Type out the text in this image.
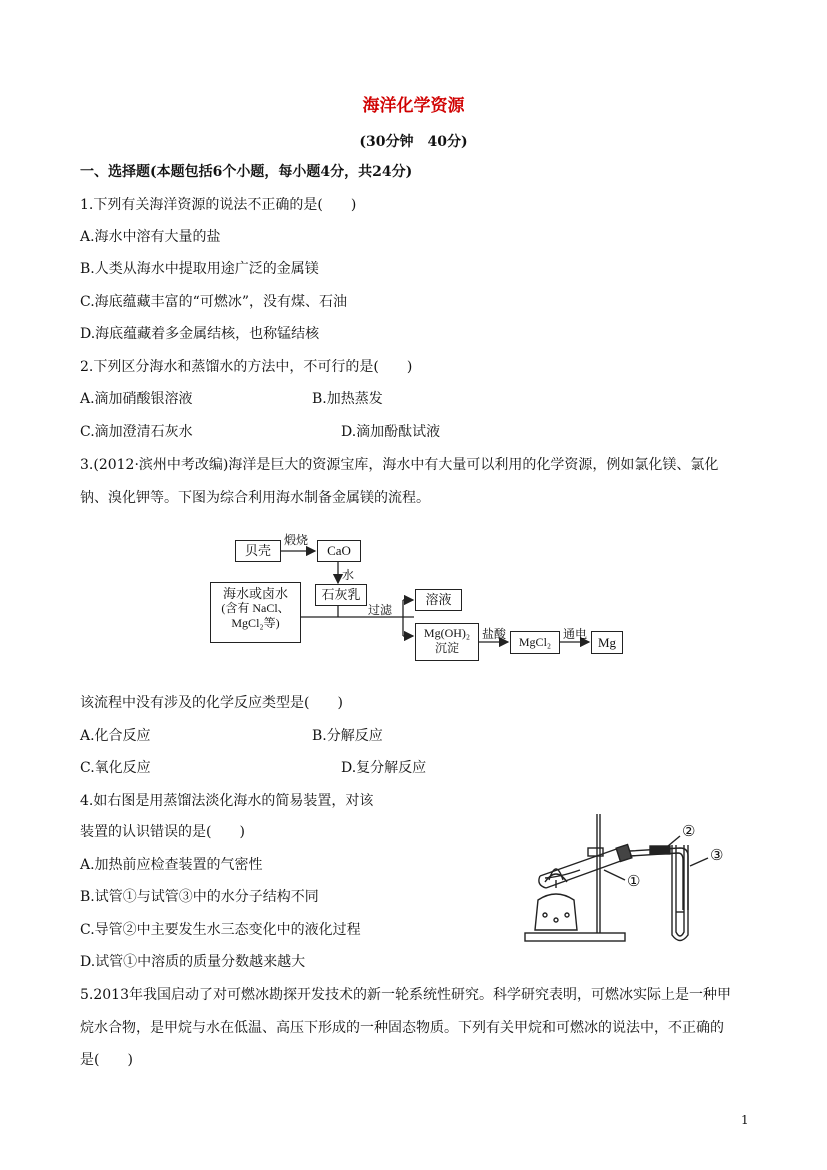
海洋化学资源
(30分钟　40分)
一、选择题(本题包括6个小题，每小题4分，共24分)
1.下列有关海洋资源的说法不正确的是(　　)
A.海水中溶有大量的盐
B.人类从海水中提取用途广泛的金属镁
C.海底蕴藏丰富的“可燃冰”，没有煤、石油
D.海底蕴藏着多金属结核，也称锰结核
2.下列区分海水和蒸馏水的方法中，不可行的是(　　)
A.滴加硝酸银溶液	B.加热蒸发
C.滴加澄清石灰水	D.滴加酚酞试液
3.(2012·滨州中考改编)海洋是巨大的资源宝库，海水中有大量可以利用的化学资源，例如氯化镁、氯化
钠、溴化钾等。下图为综合利用海水制备金属镁的流程。
贝壳
煅烧
CaO
水
石灰乳
海水或卤水
(含有 NaCl、
MgCl₂等)
过滤
溶液
Mg(OH)₂
沉淀
盐酸
MgCl₂
通电
Mg
该流程中没有涉及的化学反应类型是(　　)
A.化合反应	B.分解反应
C.氧化反应	D.复分解反应
4.如右图是用蒸馏法淡化海水的简易装置，对该
装置的认识错误的是(　　)
A.加热前应检查装置的气密性
B.试管①与试管③中的水分子结构不同
C.导管②中主要发生水三态变化中的液化过程
D.试管①中溶质的质量分数越来越大
①
②
③
5.2013年我国启动了对可燃冰勘探开发技术的新一轮系统性研究。科学研究表明，可燃冰实际上是一种甲
烷水合物，是甲烷与水在低温、高压下形成的一种固态物质。下列有关甲烷和可燃冰的说法中，不正确的
是(　　)
1
